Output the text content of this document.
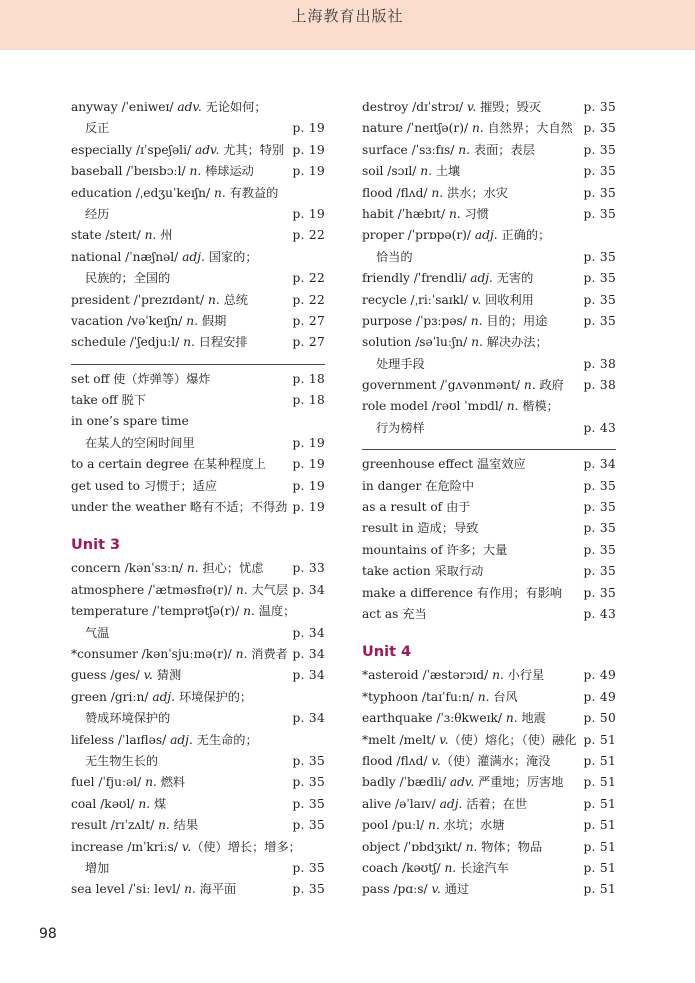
上海教育出版社
anyway /ˈeniweɪ/ adv. 无论如何；
反正	p. 19
especially /ɪˈspeʃəli/ adv. 尤其；特别 p. 19
baseball /ˈbeɪsbɔːl/ n. 棒球运动	p. 19
education /ˌedʒuˈkeɪʃn/ n. 有教益的
经历	p. 19
state /steɪt/ n. 州	p. 22
national /ˈnæʃnəl/ adj. 国家的；
民族的；全国的	p. 22
president /ˈprezɪdənt/ n. 总统	p. 22
vacation /vəˈkeɪʃn/ n. 假期	p. 27
schedule /ˈʃedjuːl/ n. 日程安排	p. 27
set off 使（炸弹等）爆炸	p. 18
take off 脱下	p. 18
in one’s spare time
在某人的空闲时间里	p. 19
to a certain degree 在某种程度上 p. 19
get used to 习惯于；适应	p. 19
under the weather 略有不适；不得劲 p. 19
Unit 3
concern /kənˈsɜːn/ n. 担心；忧虑 p. 33
atmosphere /ˈætməsfɪə(r)/ n. 大气层 p. 34
temperature /ˈtemprətʃə(r)/ n. 温度；
气温	p. 34
*consumer /kənˈsjuːmə(r)/ n. 消费者 p. 34
guess /ges/ v. 猜测	p. 34
green /griːn/ adj. 环境保护的；
赞成环境保护的	p. 34
lifeless /ˈlaɪfləs/ adj. 无生命的；
无生物生长的	p. 35
fuel /ˈfjuːəl/ n. 燃料	p. 35
coal /kəʊl/ n. 煤	p. 35
result /rɪˈzʌlt/ n. 结果	p. 35
increase /ɪnˈkriːs/ v.（使）增长；增多；
增加	p. 35
sea level /ˈsiː levl/ n. 海平面	p. 35
destroy /dɪˈstrɔɪ/ v. 摧毁；毁灭	p. 35
nature /ˈneɪtʃə(r)/ n. 自然界；大自然 p. 35
surface /ˈsɜːfɪs/ n. 表面；表层	p. 35
soil /sɔɪl/ n. 土壤	p. 35
flood /flʌd/ n. 洪水；水灾	p. 35
habit /ˈhæbɪt/ n. 习惯	p. 35
proper /ˈprɒpə(r)/ adj. 正确的；
恰当的	p. 35
friendly /ˈfrendli/ adj. 无害的	p. 35
recycle /ˌriːˈsaɪkl/ v. 回收利用	p. 35
purpose /ˈpɜːpəs/ n. 目的；用途	p. 35
solution /səˈluːʃn/ n. 解决办法；
处理手段	p. 38
government /ˈgʌvənmənt/ n. 政府 p. 38
role model /rəʊl ˈmɒdl/ n. 楷模；
行为榜样	p. 43
greenhouse effect 温室效应	p. 34
in danger 在危险中	p. 35
as a result of 由于	p. 35
result in 造成；导致	p. 35
mountains of 许多；大量	p. 35
take action 采取行动	p. 35
make a difference 有作用；有影响 p. 35
act as 充当	p. 43
Unit 4
*asteroid /ˈæstərɔɪd/ n. 小行星	p. 49
*typhoon /taɪˈfuːn/ n. 台风	p. 49
earthquake /ˈɜːθkweɪk/ n. 地震	p. 50
*melt /melt/ v.（使）熔化；（使）融化 p. 51
flood /flʌd/ v.（使）灌满水；淹没	p. 51
badly /ˈbædli/ adv. 严重地；厉害地 p. 51
alive /əˈlaɪv/ adj. 活着；在世	p. 51
pool /puːl/ n. 水坑；水塘	p. 51
object /ˈɒbdʒɪkt/ n. 物体；物品	p. 51
coach /kəʊtʃ/ n. 长途汽车	p. 51
pass /pɑːs/ v. 通过	p. 51
98
